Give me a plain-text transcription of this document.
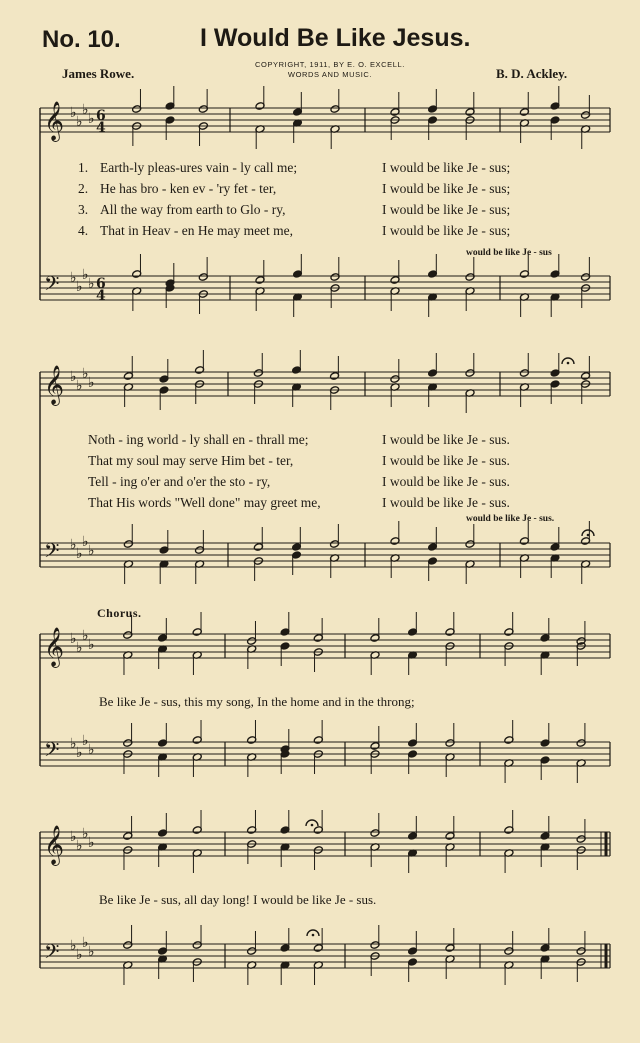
No. 10.	I Would Be Like Jesus.
James Rowe.
COPYRIGHT, 1911, BY E. O. EXCELL.
WORDS AND MUSIC.	B. D. Ackley.
𝄞
𝄢
♭
♭
♭
♭
♭
♭
♭
♭
6
4
6
4
𝄞
𝄢
♭
♭
♭
♭
♭
♭
♭
♭
𝄞
𝄢
♭
♭
♭
♭
♭
♭
♭
♭
𝄞
𝄢
♭
♭
♭
♭
♭
♭
♭
♭
1. Earth-ly pleas-ures vain - ly call me;	I would be like Je - sus;
2. He has bro - ken ev - 'ry fet - ter,	I would be like Je - sus;
3. All the way from earth to Glo - ry,	I would be like Je - sus;
4. That in Heav - en He may meet me,	I would be like Je - sus;
would be like Je - sus
Noth - ing world - ly shall en - thrall me;	I would be like Je - sus.
That my soul may serve Him bet - ter,	I would be like Je - sus.
Tell - ing o'er and o'er the sto - ry,	I would be like Je - sus.
That His words "Well done" may greet me,	I would be like Je - sus.
would be like Je - sus.
Chorus.
Be like Je - sus, this my song, In the home and in the throng;
Be like Je - sus, all day long! I would be like Je - sus.
